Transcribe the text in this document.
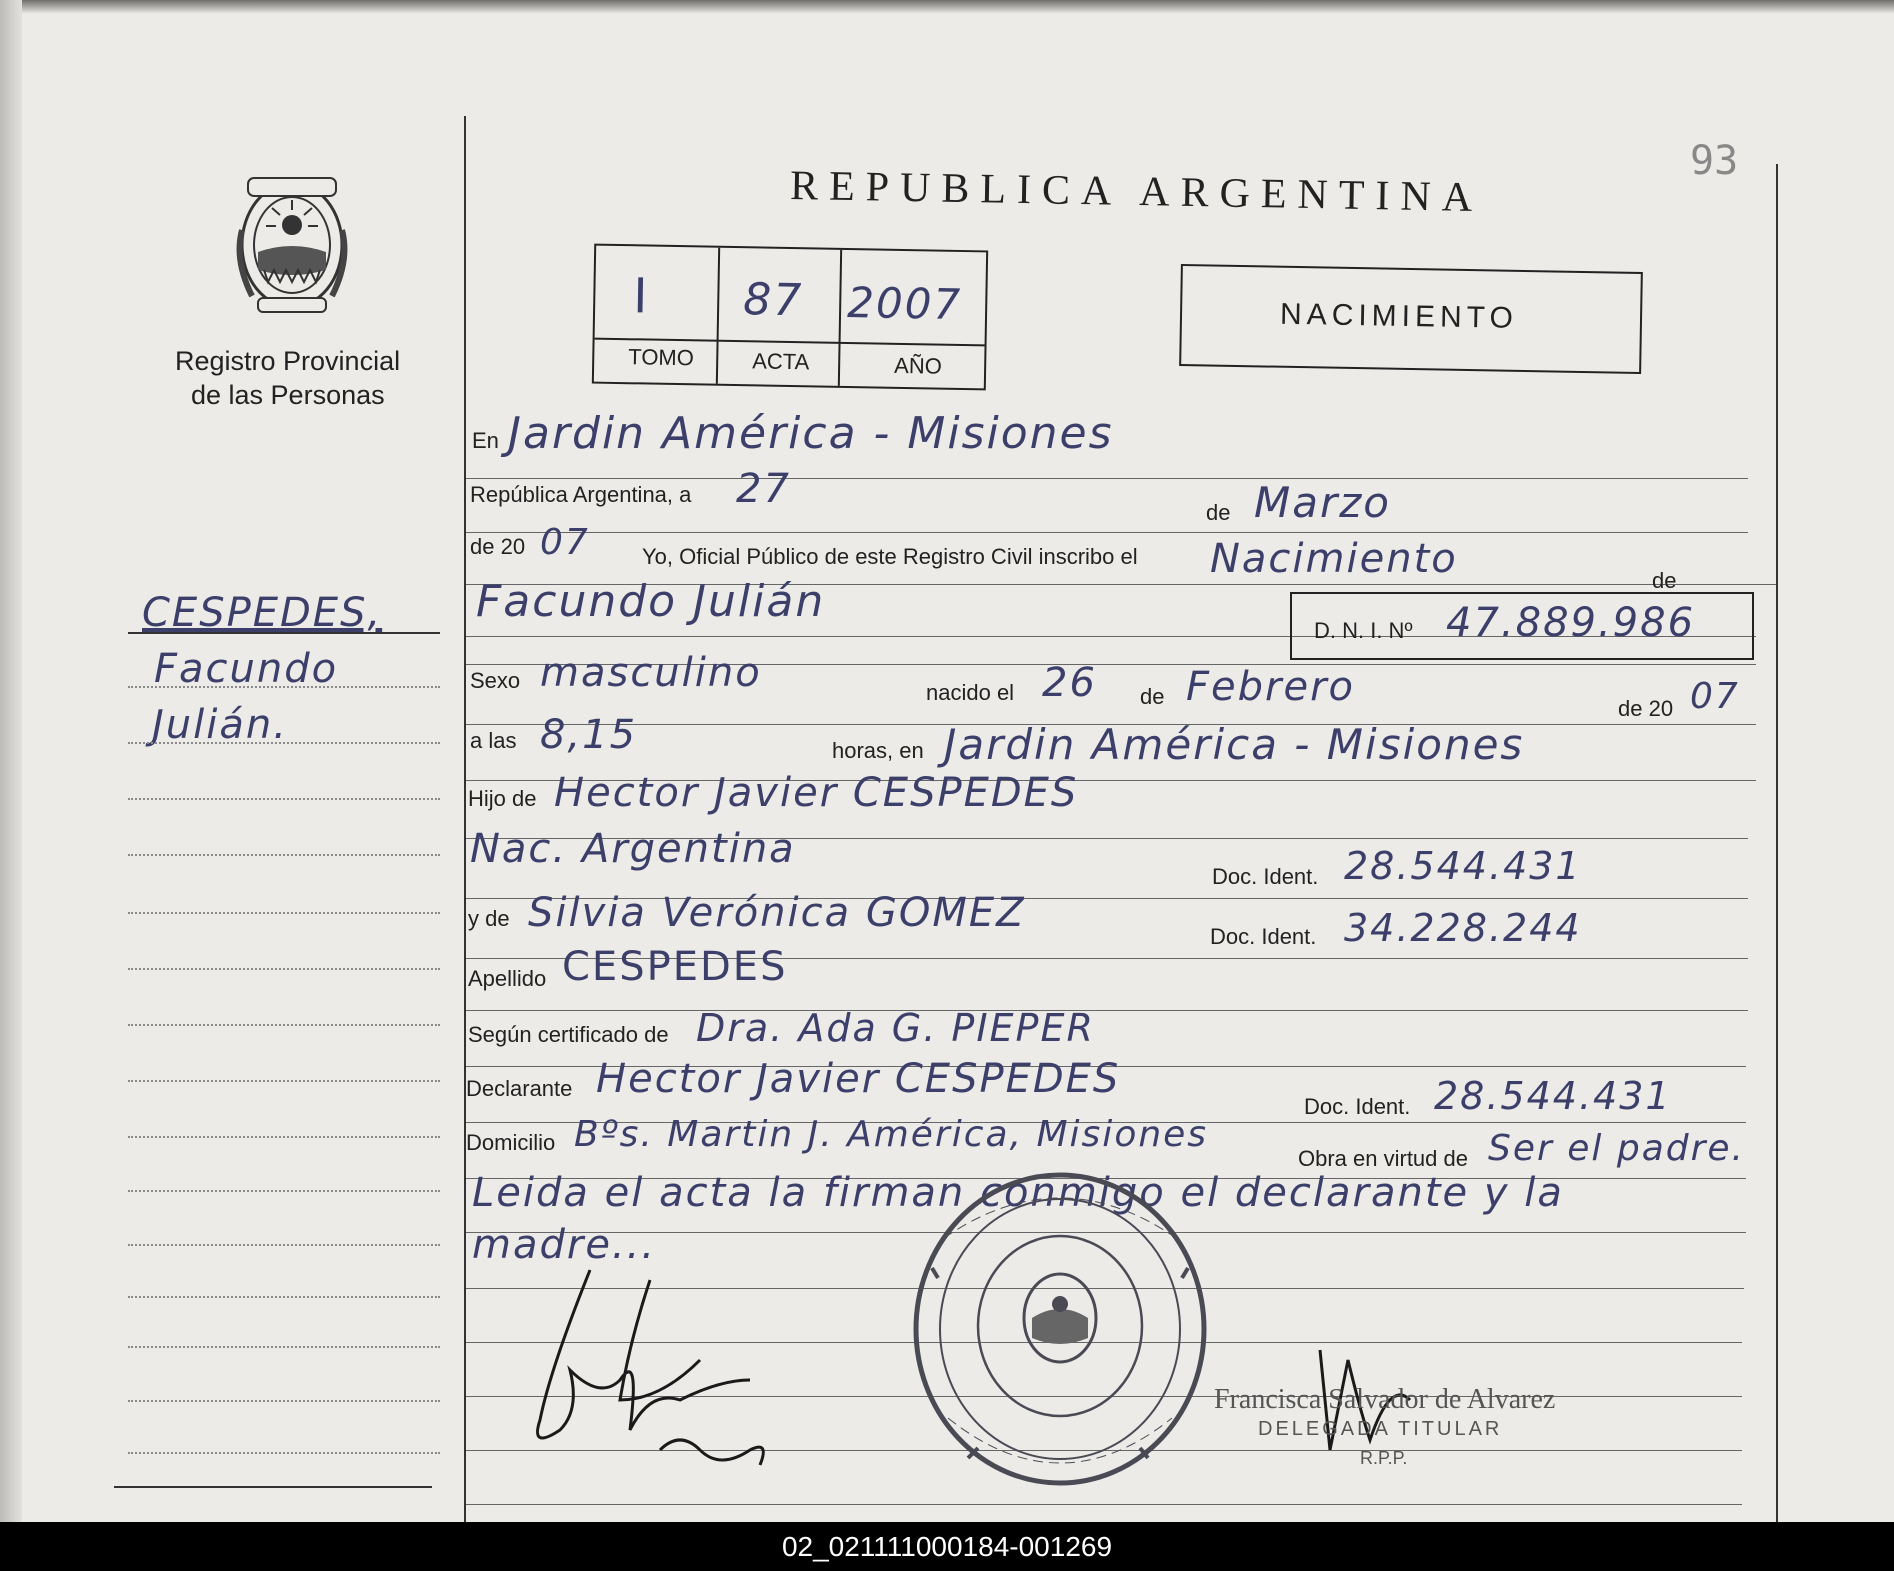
93
REPUBLICA ARGENTINA
Registro Provincial
de las Personas
I 87 2007
TOMO	ACTA	AÑO
NACIMIENTO
CESPEDES,
Facundo
Julián.
En Jardin América - Misiones
República Argentina, a 27
de Marzo
de 20 07 Yo, Oficial Público de este Registro Civil inscribo el Nacimiento	de
Facundo Julián
D. N. I. Nº 47.889.986
Sexo masculino	nacido el 26 de Febrero	de 20 07
a las 8,15	horas, en Jardin América - Misiones
Hijo de Hector Javier CESPEDES
Nac. Argentina
Doc. Ident. 28.544.431
y de Silvia Verónica GOMEZ
Doc. Ident. 34.228.244
Apellido CESPEDES
Según certificado de Dra. Ada G. PIEPER
Declarante Hector Javier CESPEDES
Doc. Ident. 28.544.431
Domicilio Bºs. Martin J. América, Misiones
Obra en virtud de Ser el padre.
Leida el acta la firman conmigo el declarante y la
madre...
Francisca Salvador de Alvarez
DELEGADA TITULAR
R.P.P.
02_021111000184-001269
